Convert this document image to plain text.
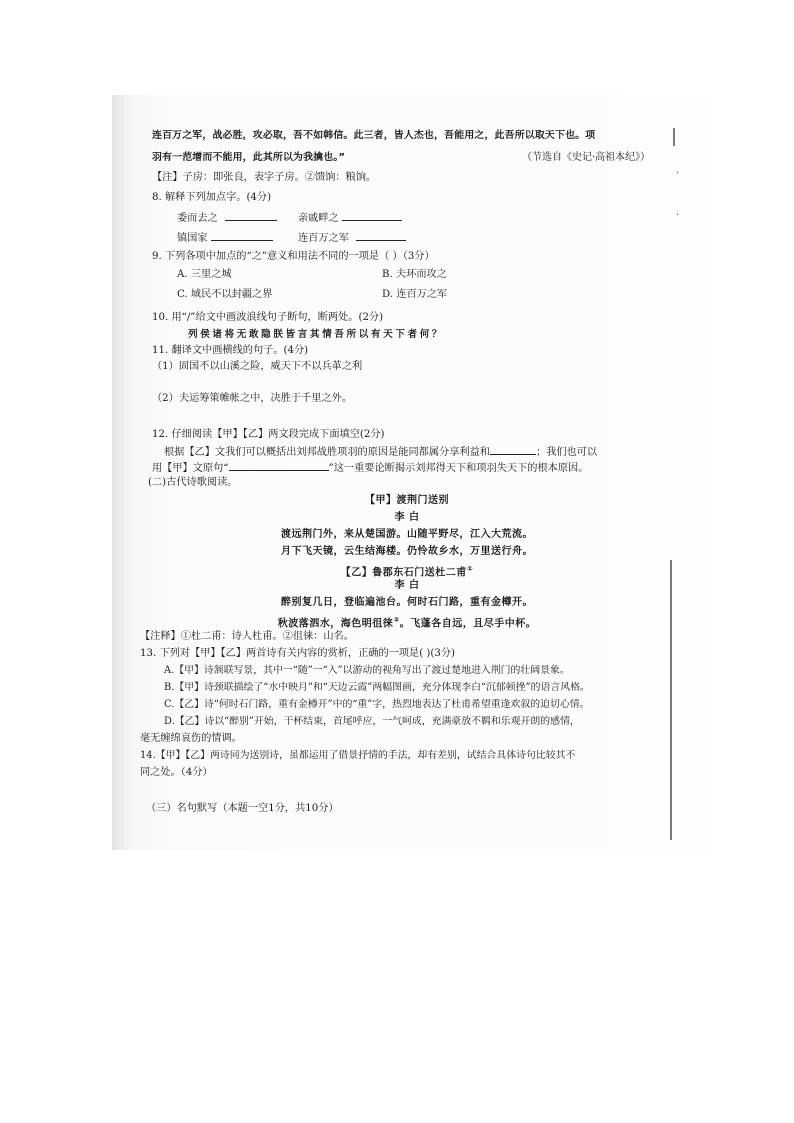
·
·
连百万之军，战必胜，攻必取，吾不如韩信。此三者，皆人杰也，吾能用之，此吾所以取天下也。项
羽有一范增而不能用，此其所以为我擒也。”	（节选自《史记·高祖本纪》）
【注】子房：即张良，表字子房。②馈饷：粮饷。
8. 解释下列加点字。(4分)
委而去之	亲戚畔之
镇国家	连百万之军
9. 下列各项中加点的“之”意义和用法不同的一项是（ ）（3分）
A. 三里之城	B. 夫环而攻之
C. 域民不以封疆之界	D. 连百万之军
10. 用“/”给文中画波浪线句子断句，断两处。(2分)
列侯诸将无敢隐朕皆言其情吾所以有天下者何？
11. 翻译文中画横线的句子。(4分)
（1）固国不以山溪之险，威天下不以兵革之利
（2）夫运筹策帷帐之中，决胜于千里之外。
12. 仔细阅读【甲】【乙】两文段完成下面填空(2分)
根据【乙】文我们可以概括出刘邦战胜项羽的原因是能同都属分享利益和	；我们也可以
用【甲】文原句“	”这一重要论断揭示刘邦得天下和项羽失天下的根本原因。
(二)古代诗歌阅读。
【甲】渡荆门送别
李 白
渡远荆门外，来从楚国游。山随平野尽，江入大荒流。
月下飞天镜，云生结海楼。仍怜故乡水，万里送行舟。
【乙】鲁郡东石门送杜二甫①
李 白
醉别复几日，登临遍池台。何时石门路，重有金樽开。
秋波落泗水，海色明徂徕②。飞蓬各自远，且尽手中杯。
【注释】①杜二甫：诗人杜甫。②徂徕：山名。
13. 下列对【甲】【乙】两首诗有关内容的赏析，正确的一项是( )(3分)
A.【甲】诗颔联写景，其中一“随”一“入”以游动的视角写出了渡过楚地进入荆门的壮阔景象。
B.【甲】诗颈联描绘了“水中映月”和“天边云霞”两幅图画，充分体现李白“沉郁顿挫”的语言风格。
C.【乙】诗“何时石门路，重有金樽开”中的“重”字，热烈地表达了杜甫希望重逢欢叙的迫切心情。
D.【乙】诗以“醉别”开始，干杯结束，首尾呼应，一气呵成，充满豪放不羁和乐观开朗的感情，
毫无缠绵哀伤的情调。
14.【甲】【乙】两诗同为送别诗，虽都运用了借景抒情的手法，却有差别，试结合具体诗句比较其不
同之处。（4分）
（三）名句默写（本题一空1分，共10分）
